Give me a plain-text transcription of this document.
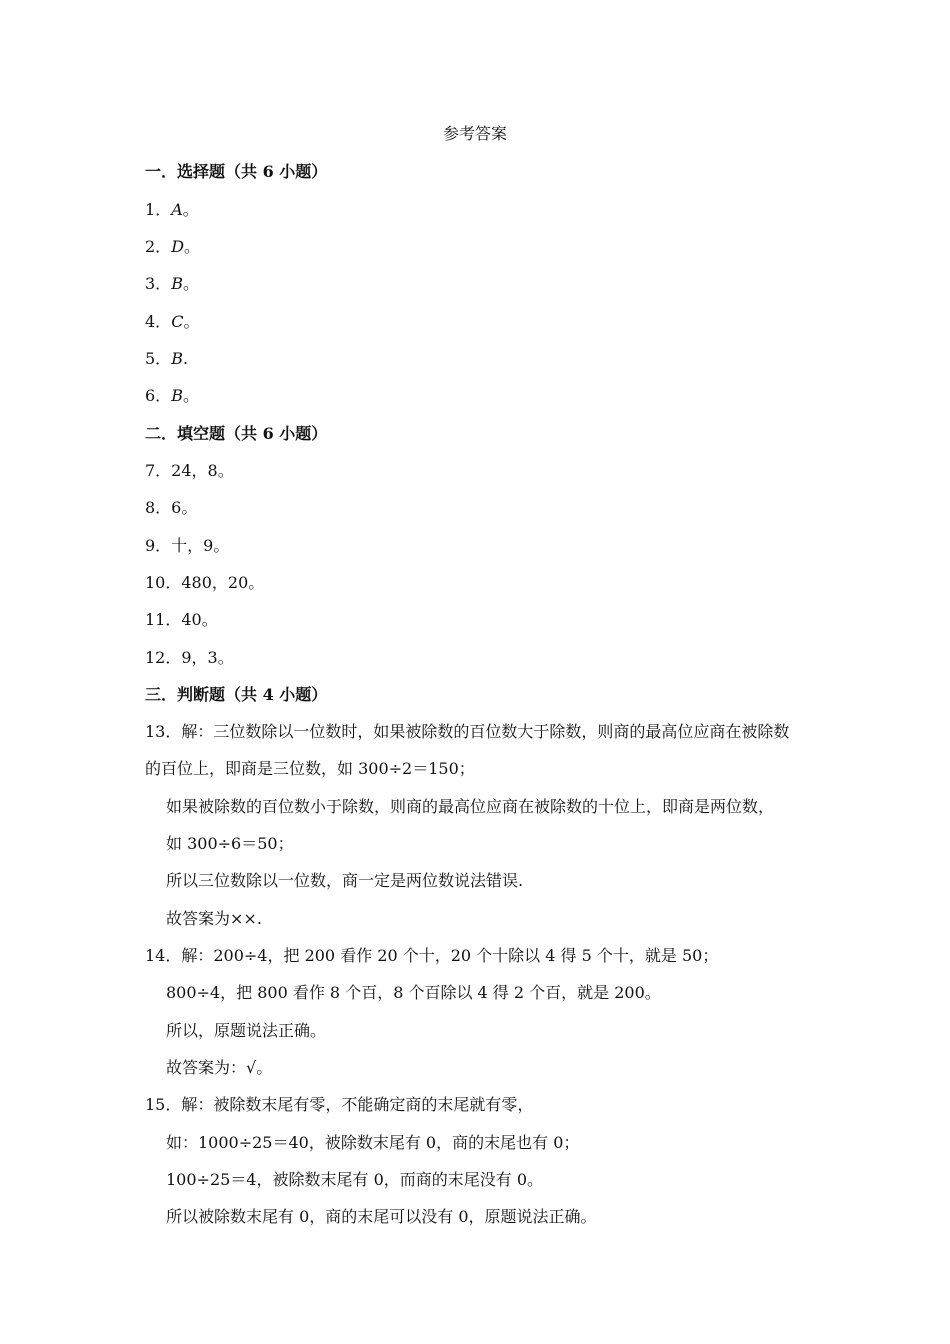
参考答案
一．选择题（共 6 小题）
1．A。
2．D。
3．B。
4．C。
5．B.
6．B。
二．填空题（共 6 小题）
7．24，8。
8．6。
9．十，9。
10．480，20。
11．40。
12．9，3。
三．判断题（共 4 小题）
13．解：三位数除以一位数时，如果被除数的百位数大于除数，则商的最高位应商在被除数
的百位上，即商是三位数，如 300÷2＝150；
如果被除数的百位数小于除数，则商的最高位应商在被除数的十位上，即商是两位数，
如 300÷6＝50；
所以三位数除以一位数，商一定是两位数说法错误.
故答案为××.
14．解：200÷4，把 200 看作 20 个十，20 个十除以 4 得 5 个十，就是 50；
800÷4，把 800 看作 8 个百，8 个百除以 4 得 2 个百，就是 200。
所以，原题说法正确。
故答案为：√。
15．解：被除数末尾有零，不能确定商的末尾就有零，
如：1000÷25＝40，被除数末尾有 0，商的末尾也有 0；
100÷25＝4，被除数末尾有 0，而商的末尾没有 0。
所以被除数末尾有 0，商的末尾可以没有 0，原题说法正确。
